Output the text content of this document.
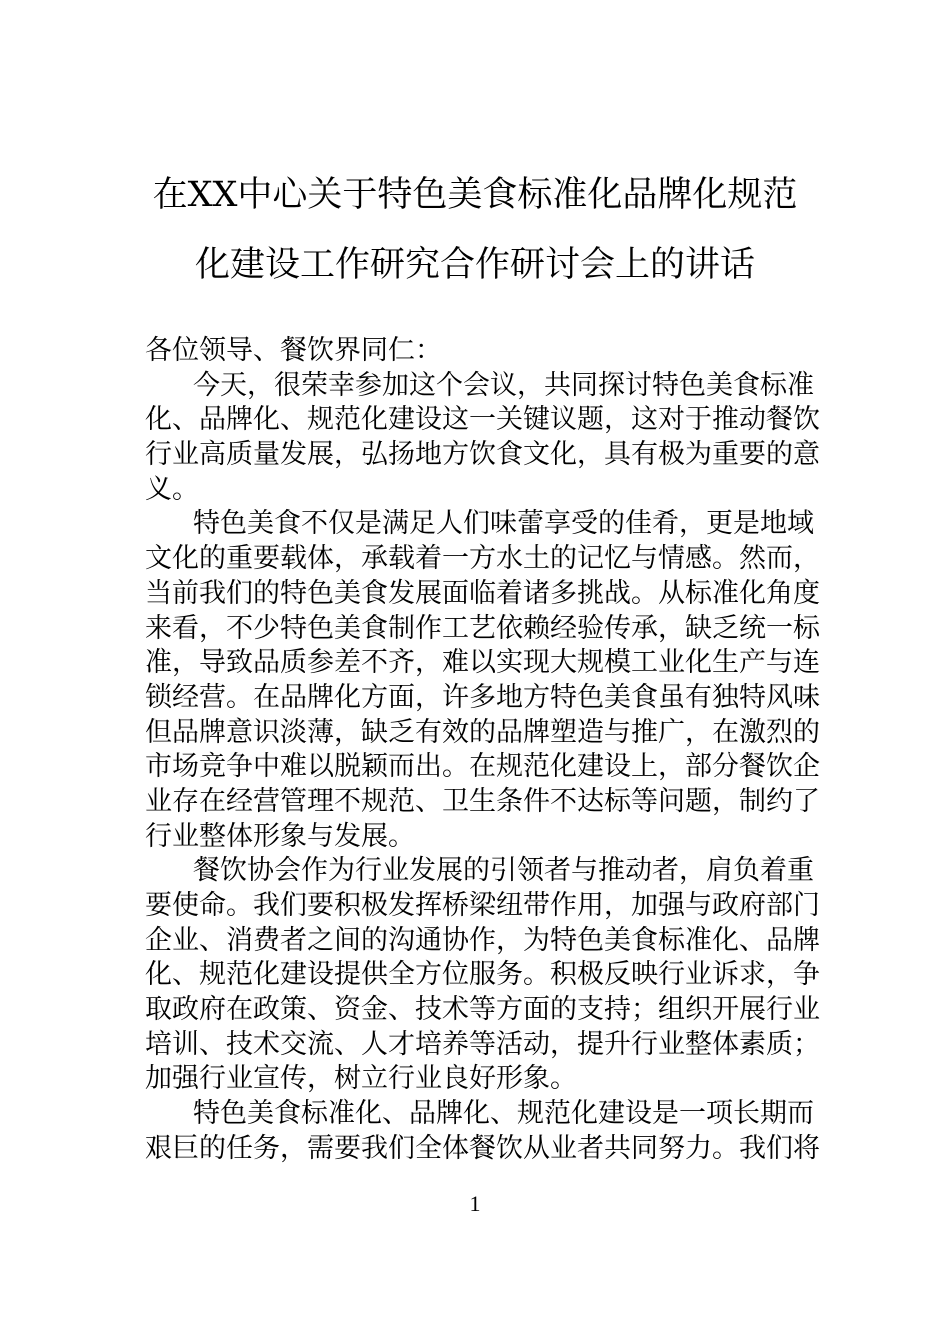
在XX中心关于特色美食标准化品牌化规范
化建设工作研究合作研讨会上的讲话
各位领导、餐饮界同仁：
今天，很荣幸参加这个会议，共同探讨特色美食标准
化、品牌化、规范化建设这一关键议题，这对于推动餐饮
行业高质量发展，弘扬地方饮食文化，具有极为重要的意
义。
特色美食不仅是满足人们味蕾享受的佳肴，更是地域
文化的重要载体，承载着一方水土的记忆与情感。然而，
当前我们的特色美食发展面临着诸多挑战。从标准化角度
来看，不少特色美食制作工艺依赖经验传承，缺乏统一标
准，导致品质参差不齐，难以实现大规模工业化生产与连
锁经营。在品牌化方面，许多地方特色美食虽有独特风味
但品牌意识淡薄，缺乏有效的品牌塑造与推广，在激烈的
市场竞争中难以脱颖而出。在规范化建设上，部分餐饮企
业存在经营管理不规范、卫生条件不达标等问题，制约了
行业整体形象与发展。
餐饮协会作为行业发展的引领者与推动者，肩负着重
要使命。我们要积极发挥桥梁纽带作用，加强与政府部门
企业、消费者之间的沟通协作，为特色美食标准化、品牌
化、规范化建设提供全方位服务。积极反映行业诉求，争
取政府在政策、资金、技术等方面的支持；组织开展行业
培训、技术交流、人才培养等活动，提升行业整体素质；
加强行业宣传，树立行业良好形象。
特色美食标准化、品牌化、规范化建设是一项长期而
艰巨的任务，需要我们全体餐饮从业者共同努力。我们将
1
